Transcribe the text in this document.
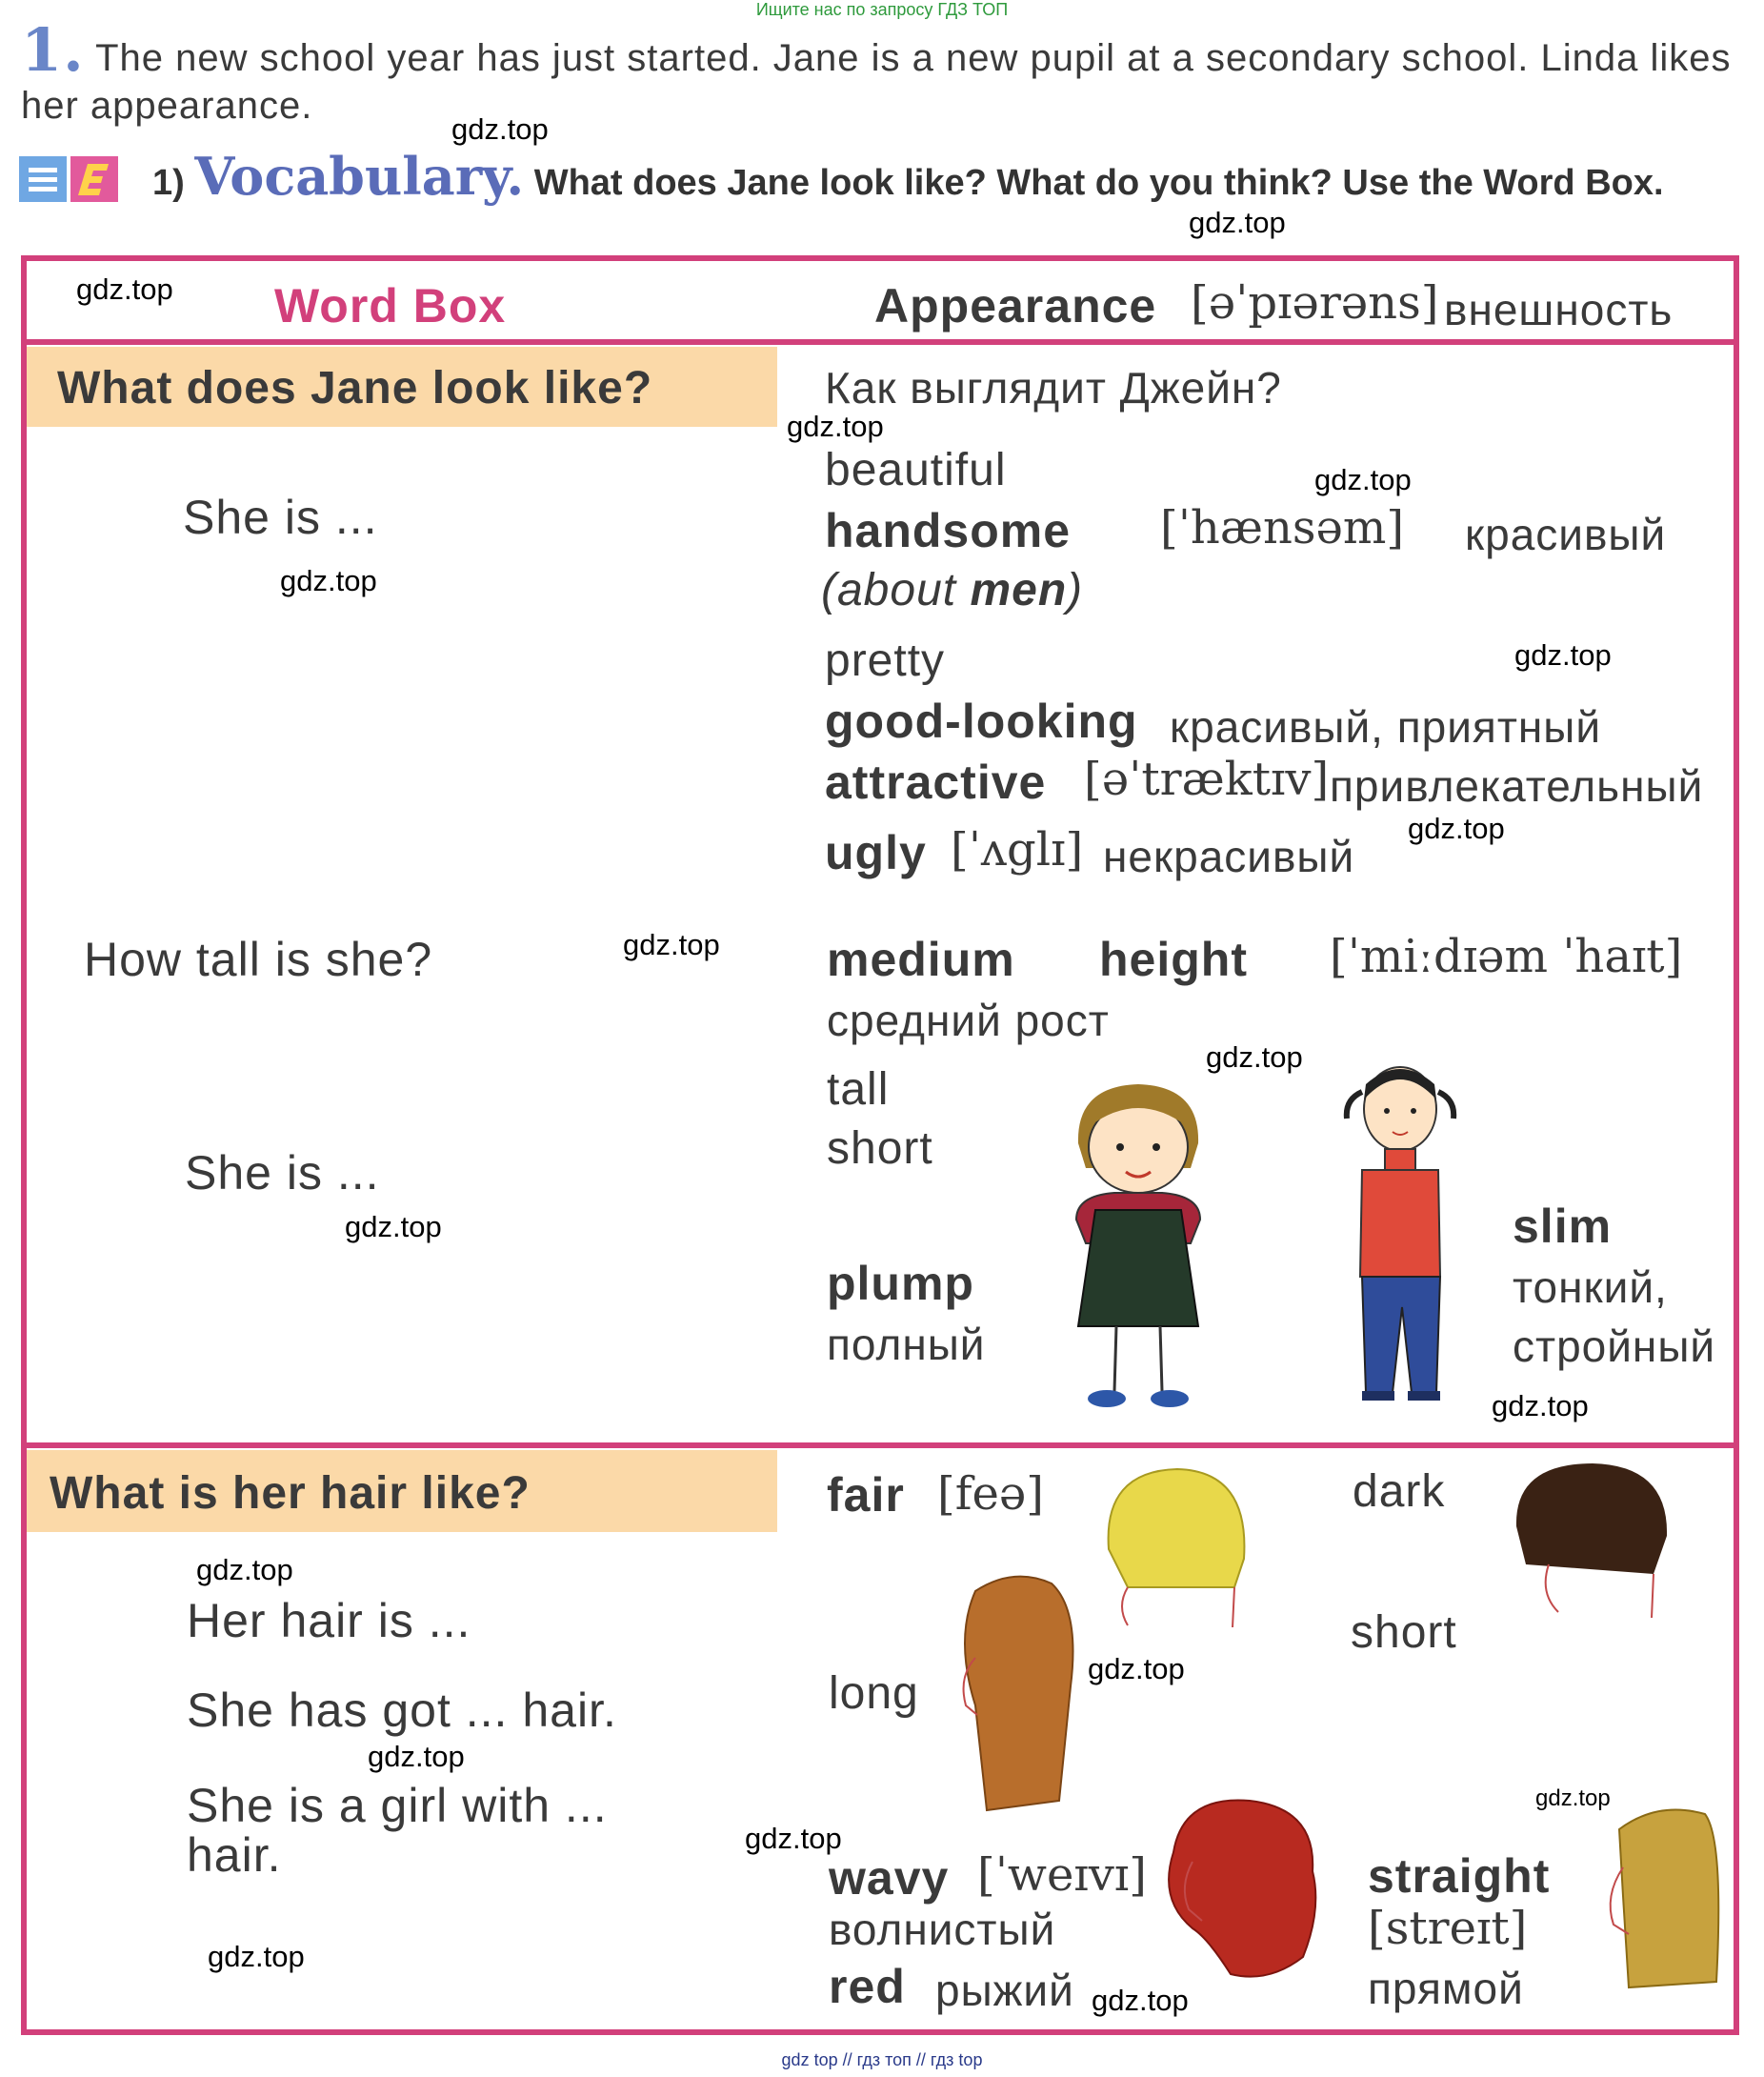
Ищите нас по запросу ГДЗ ТОП
gdz top // гдз топ // гдз top
1. The new school year has just started. Jane is a new pupil at a secondary school. Linda likes her appearance.
1) Vocabulary. What does Jane look like? What do you think? Use the Word Box.
Word Box	Appearance [əˈpɪərəns] внешность
What does Jane look like?	Как выглядит Джейн?
She is ...
beautiful
handsome [ˈhænsəm] красивый
(about men)
pretty
good-looking красивый, приятный
attractive [əˈtræktɪv] привлекательный
ugly [ˈʌglɪ] некрасивый
How tall is she?
She is ...
medium height [ˈmiːdɪəm ˈhaɪt]
средний рост
tall
short
plump
полный
slim
тонкий,
стройный
What is her hair like?
Her hair is ...
She has got ... hair.
She is a girl with ...
hair.
fair [feə]	dark
short
long
wavy [ˈweɪvɪ]
волнистый
red рыжий
straight
[streɪt]
прямой
gdz.top
gdz.top
gdz.top
gdz.top
gdz.top
gdz.top
gdz.top
gdz.top
gdz.top
gdz.top
gdz.top
gdz.top
gdz.top
gdz.top
gdz.top
gdz.top
gdz.top
gdz.top
gdz.top
